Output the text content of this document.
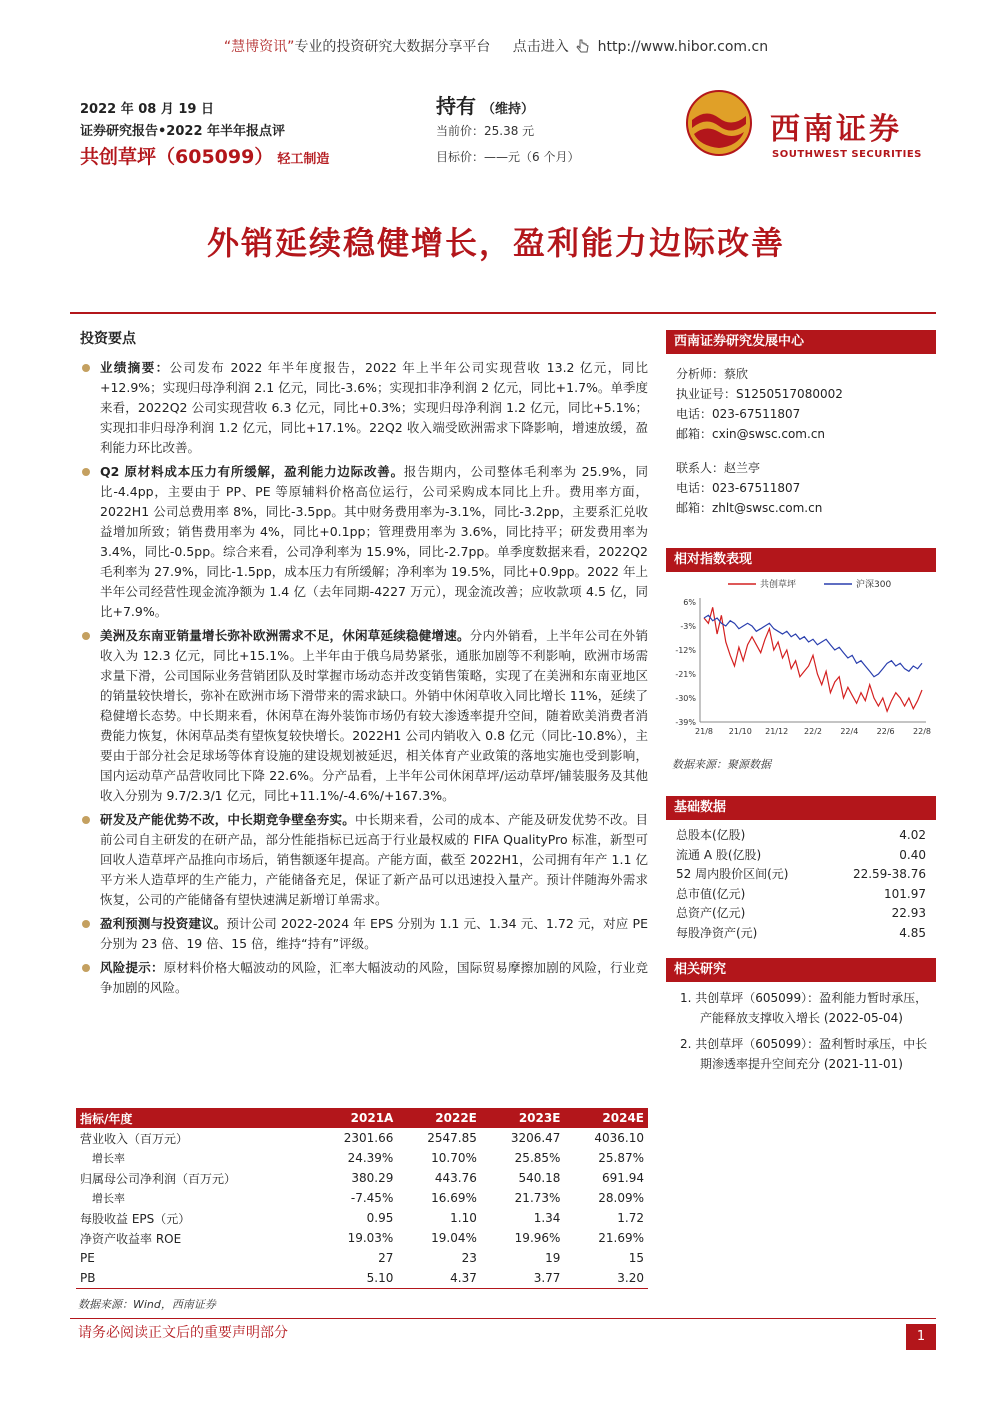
“慧博资讯”专业的投资研究大数据分享平台 点击进入 http://www.hibor.com.cn
2022 年 08 月 19 日
证券研究报告•2022 年半年报点评
共创草坪（605099） 轻工制造
持有 （维持）
当前价：25.38 元
目标价：——元（6 个月）
西南证券
SOUTHWEST SECURITIES
外销延续稳健增长，盈利能力边际改善
投资要点
业绩摘要：公司发布 2022 年半年度报告，2022 年上半年公司实现营收 13.2 亿元，同比+12.9%；实现归母净利润 2.1 亿元，同比-3.6%；实现扣非净利润 2 亿元，同比+1.7%。单季度来看，2022Q2 公司实现营收 6.3 亿元，同比+0.3%；实现归母净利润 1.2 亿元，同比+5.1%；实现扣非归母净利润 1.2 亿元，同比+17.1%。22Q2 收入端受欧洲需求下降影响，增速放缓，盈利能力环比改善。
Q2 原材料成本压力有所缓解，盈利能力边际改善。报告期内，公司整体毛利率为 25.9%，同比-4.4pp，主要由于 PP、PE 等原辅料价格高位运行，公司采购成本同比上升。费用率方面，2022H1 公司总费用率 8%，同比-3.5pp。其中财务费用率为-3.1%，同比-3.2pp，主要系汇兑收益增加所致；销售费用率为 4%，同比+0.1pp；管理费用率为 3.6%，同比持平；研发费用率为 3.4%，同比-0.5pp。综合来看，公司净利率为 15.9%，同比-2.7pp。单季度数据来看，2022Q2 毛利率为 27.9%，同比-1.5pp，成本压力有所缓解；净利率为 19.5%，同比+0.9pp。2022 年上半年公司经营性现金流净额为 1.4 亿（去年同期-4227 万元），现金流改善；应收款项 4.5 亿，同比+7.9%。
美洲及东南亚销量增长弥补欧洲需求不足，休闲草延续稳健增速。分内外销看，上半年公司在外销收入为 12.3 亿元，同比+15.1%。上半年由于俄乌局势紧张，通胀加剧等不利影响，欧洲市场需求量下滑，公司国际业务营销团队及时掌握市场动态并改变销售策略，实现了在美洲和东南亚地区的销量较快增长，弥补在欧洲市场下滑带来的需求缺口。外销中休闲草收入同比增长 11%，延续了稳健增长态势。中长期来看，休闲草在海外装饰市场仍有较大渗透率提升空间，随着欧美消费者消费能力恢复，休闲草品类有望恢复较快增长。2022H1 公司内销收入 0.8 亿元（同比-10.8%），主要由于部分社会足球场等体育设施的建设规划被延迟，相关体育产业政策的落地实施也受到影响，国内运动草产品营收同比下降 22.6%。分产品看，上半年公司休闲草坪/运动草坪/铺装服务及其他收入分别为 9.7/2.3/1 亿元，同比+11.1%/-4.6%/+167.3%。
研发及产能优势不改，中长期竞争壁垒夯实。中长期来看，公司的成本、产能及研发优势不改。目前公司自主研发的在研产品，部分性能指标已远高于行业最权威的 FIFA QualityPro 标准，新型可回收人造草坪产品推向市场后，销售额逐年提高。产能方面，截至 2022H1，公司拥有年产 1.1 亿平方米人造草坪的生产能力，产能储备充足，保证了新产品可以迅速投入量产。预计伴随海外需求恢复，公司的产能储备有望快速满足新增订单需求。
盈利预测与投资建议。预计公司 2022-2024 年 EPS 分别为 1.1 元、1.34 元、1.72 元，对应 PE 分别为 23 倍、19 倍、15 倍，维持“持有”评级。
风险提示：原材料价格大幅波动的风险，汇率大幅波动的风险，国际贸易摩擦加剧的风险，行业竞争加剧的风险。
指标/年度	2021A	2022E	2023E	2024E
营业收入（百万元）	2301.66	2547.85	3206.47	4036.10
增长率	24.39%	10.70%	25.85%	25.87%
归属母公司净利润（百万元）	380.29	443.76	540.18	691.94
增长率	-7.45%	16.69%	21.73%	28.09%
每股收益 EPS（元）	0.95	1.10	1.34	1.72
净资产收益率 ROE	19.03%	19.04%	19.96%	21.69%
PE	27	23	19	15
PB	5.10	4.37	3.77	3.20
数据来源：Wind，西南证券
西南证券研究发展中心
分析师：蔡欣
执业证号：S1250517080002
电话：023-67511807
邮箱：cxin@swsc.com.cn
联系人：赵兰亭
电话：023-67511807
邮箱：zhlt@swsc.com.cn
相对指数表现
6%
-3%
-12%
-21%
-30%
-39%
21/8 21/10 21/12 22/2 22/4 22/6 22/8
共创草坪	沪深300
数据来源：聚源数据
基础数据
总股本(亿股)	4.02
流通 A 股(亿股)	0.40
52 周内股价区间(元)	22.59-38.76
总市值(亿元)	101.97
总资产(亿元)	22.93
每股净资产(元)	4.85
相关研究
1. 共创草坪（605099）：盈利能力暂时承压，产能释放支撑收入增长 (2022-05-04)
2. 共创草坪（605099）：盈利暂时承压，中长期渗透率提升空间充分 (2021-11-01)
请务必阅读正文后的重要声明部分	1
